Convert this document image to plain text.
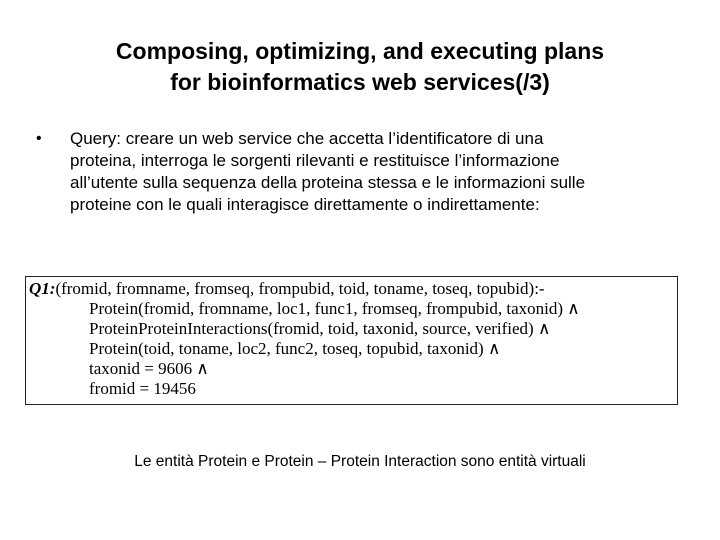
Composing, optimizing, and executing plans
for bioinformatics web services(/3)
• Query: creare un web service che accetta l’identificatore di una
proteina, interroga le sorgenti rilevanti e restituisce l’informazione
all’utente sulla sequenza della proteina stessa e le informazioni sulle
proteine con le quali interagisce direttamente o indirettamente:
Q1:(fromid, fromname, fromseq, frompubid, toid, toname, toseq, topubid):-
Protein(fromid, fromname, loc1, func1, fromseq, frompubid, taxonid) ∧
ProteinProteinInteractions(fromid, toid, taxonid, source, verified) ∧
Protein(toid, toname, loc2, func2, toseq, topubid, taxonid) ∧
taxonid = 9606 ∧
fromid = 19456
Le entità Protein e Protein – Protein Interaction sono entità virtuali
